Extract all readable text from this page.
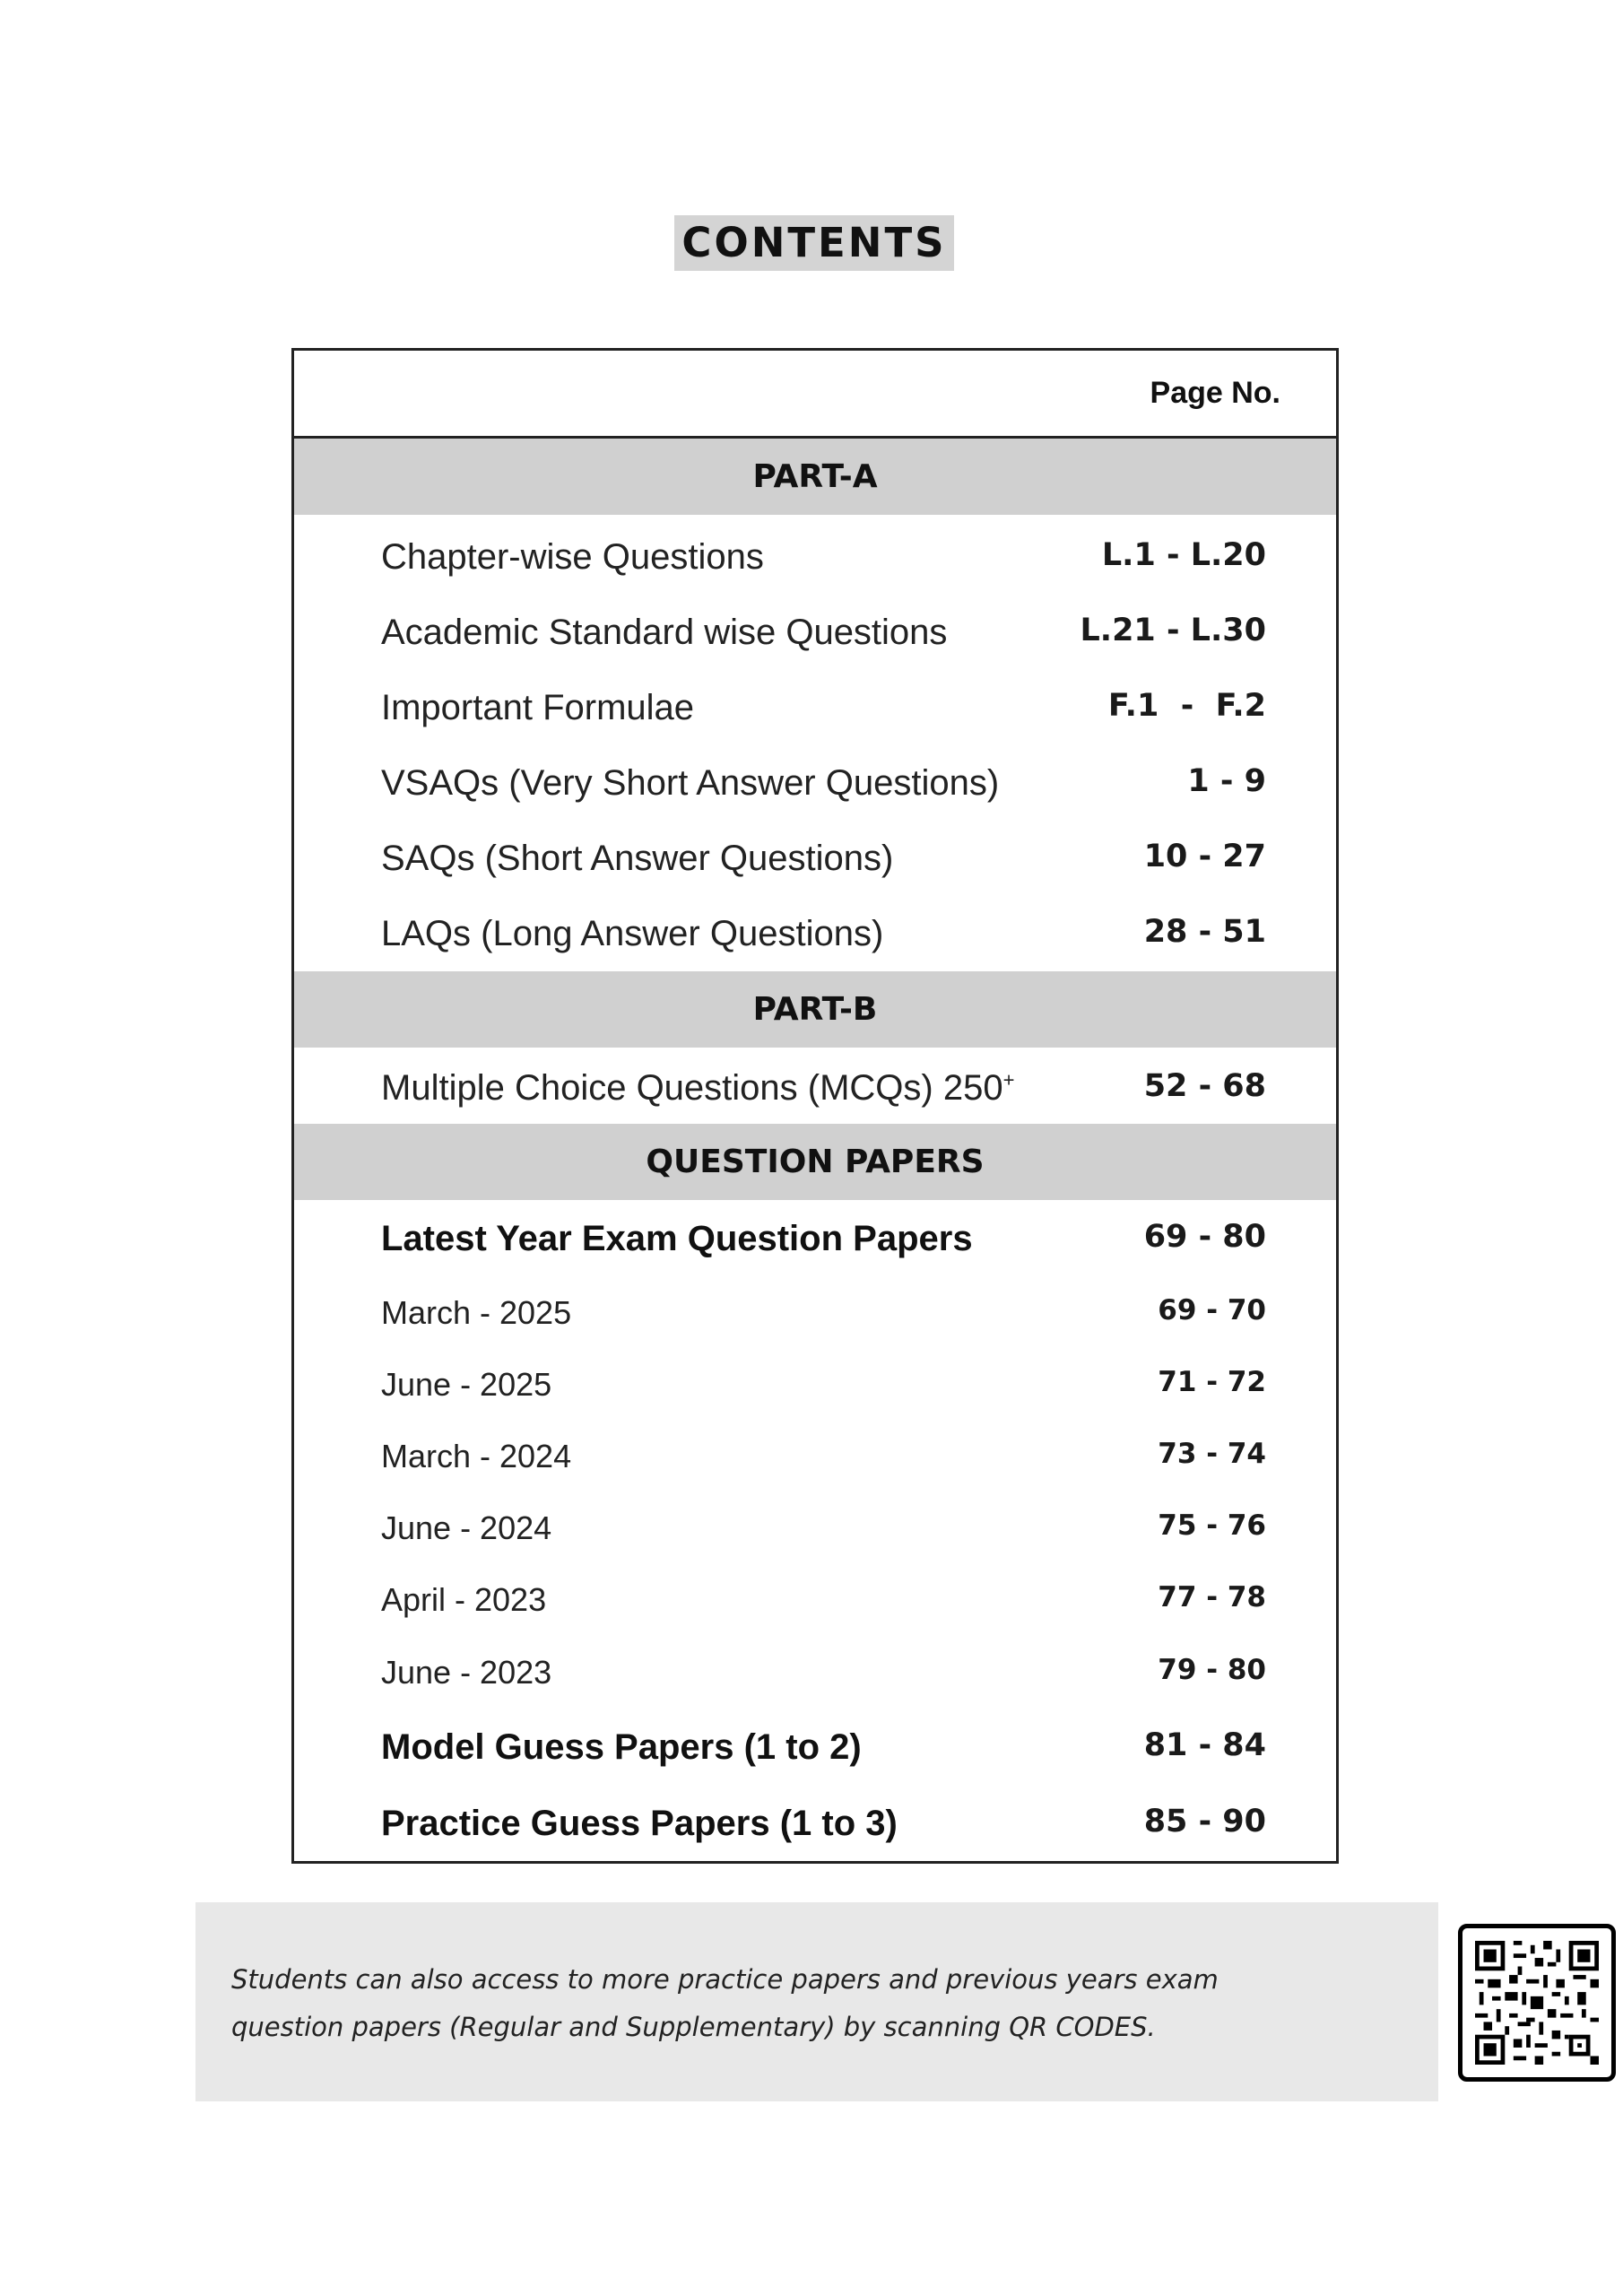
CONTENTS
Page No.
PART-A
Chapter-wise Questions	L.1 - L.20
Academic Standard wise Questions	L.21 - L.30
Important Formulae	F.1  -  F.2
VSAQs (Very Short Answer Questions)	1 - 9
SAQs (Short Answer Questions)	10 - 27
LAQs (Long Answer Questions)	28 - 51
PART-B
Multiple Choice Questions (MCQs) 250+	52 - 68
QUESTION PAPERS
Latest Year Exam Question Papers	69 - 80
March - 2025	69 - 70
June - 2025	71 - 72
March - 2024	73 - 74
June - 2024	75 - 76
April - 2023	77 - 78
June - 2023	79 - 80
Model Guess Papers (1 to 2)	81 - 84
Practice Guess Papers (1 to 3)	85 - 90
Students can also access to more practice papers and previous years exam question papers (Regular and Supplementary) by scanning QR CODES.
